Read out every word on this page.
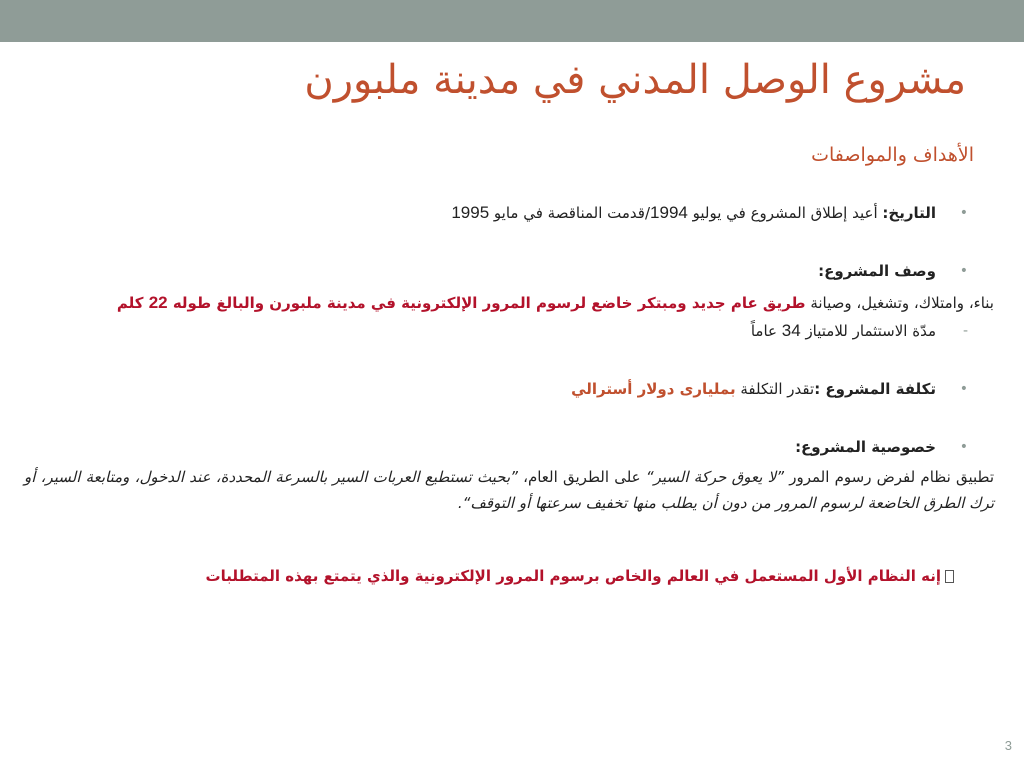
مشروع الوصل المدني في مدينة ملبورن
الأهداف والمواصفات

•
التاريخ: أعيد إطلاق المشروع في يوليو 1994/قدمت المناقصة في مايو 1995

•
وصف المشروع:

بناء، وامتلاك، وتشغيل، وصيانة طريق عام جديد ومبتكر خاضع لرسوم المرور الإلكترونية في مدينة ملبورن والبالغ طوله 22 كلم

-
مدّة الاستثمار للامتياز 34 عاماً

•
تكلفة المشروع :تقدر التكلفة بمليارى دولار أسترالي

•
خصوصية المشروع:

تطبيق نظام لفرض رسوم المرور ”لا يعوق حركة السير“ على الطريق العام، ”بحيث تستطيع العربات السير بالسرعة المحددة، عند الدخول، ومتابعة السير، أو ترك الطرق الخاضعة لرسوم المرور من دون أن يطلب منها تخفيف سرعتها أو التوقف“.

إنه النظام الأول المستعمل في العالم والخاص برسوم المرور الإلكترونية والذي يتمتع بهذه المتطلبات

3
